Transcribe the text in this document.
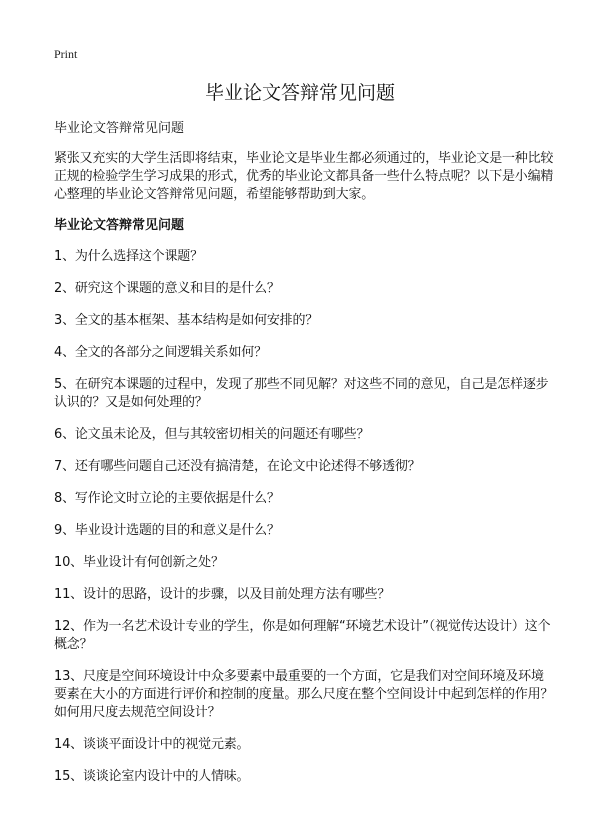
Print
毕业论文答辩常见问题

毕业论文答辩常见问题

紧张又充实的大学生活即将结束，毕业论文是毕业生都必须通过的，毕业论文是一种比较正规的检验学生学习成果的形式，优秀的毕业论文都具备一些什么特点呢？以下是小编精心整理的毕业论文答辩常见问题，希望能够帮助到大家。

毕业论文答辩常见问题

1、为什么选择这个课题？
2、研究这个课题的意义和目的是什么？
3、全文的基本框架、基本结构是如何安排的？
4、全文的各部分之间逻辑关系如何？
5、在研究本课题的过程中，发现了那些不同见解？对这些不同的意见，自己是怎样逐步认识的？又是如何处理的？
6、论文虽未论及，但与其较密切相关的问题还有哪些？
7、还有哪些问题自己还没有搞清楚，在论文中论述得不够透彻？
8、写作论文时立论的主要依据是什么？
9、毕业设计选题的目的和意义是什么？
10、毕业设计有何创新之处？
11、设计的思路，设计的步骤，以及目前处理方法有哪些？
12、作为一名艺术设计专业的学生，你是如何理解“环境艺术设计”（视觉传达设计）这个概念？
13、尺度是空间环境设计中众多要素中最重要的一个方面，它是我们对空间环境及环境要素在大小的方面进行评价和控制的度量。那么尺度在整个空间设计中起到怎样的作用？如何用尺度去规范空间设计？
14、谈谈平面设计中的视觉元素。
15、谈谈论室内设计中的人情味。
